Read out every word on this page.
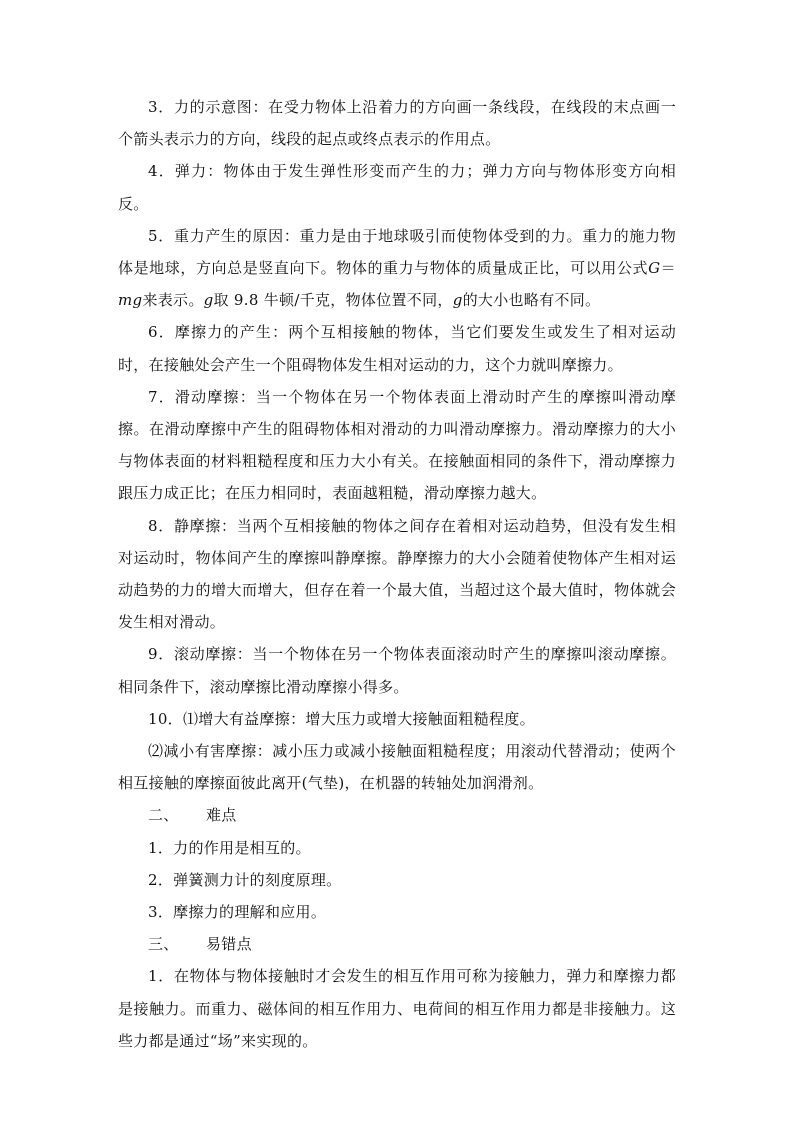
3．力的示意图：在受力物体上沿着力的方向画一条线段，在线段的末点画一个箭头表示力的方向，线段的起点或终点表示的作用点。

4．弹力：物体由于发生弹性形变而产生的力；弹力方向与物体形变方向相反。

5．重力产生的原因：重力是由于地球吸引而使物体受到的力。重力的施力物体是地球，方向总是竖直向下。物体的重力与物体的质量成正比，可以用公式G＝mg来表示。g取 9.8 牛顿/千克，物体位置不同，g的大小也略有不同。

6．摩擦力的产生：两个互相接触的物体，当它们要发生或发生了相对运动时，在接触处会产生一个阻碍物体发生相对运动的力，这个力就叫摩擦力。

7．滑动摩擦：当一个物体在另一个物体表面上滑动时产生的摩擦叫滑动摩擦。在滑动摩擦中产生的阻碍物体相对滑动的力叫滑动摩擦力。滑动摩擦力的大小与物体表面的材料粗糙程度和压力大小有关。在接触面相同的条件下，滑动摩擦力跟压力成正比；在压力相同时，表面越粗糙，滑动摩擦力越大。

8．静摩擦：当两个互相接触的物体之间存在着相对运动趋势，但没有发生相对运动时，物体间产生的摩擦叫静摩擦。静摩擦力的大小会随着使物体产生相对运动趋势的力的增大而增大，但存在着一个最大值，当超过这个最大值时，物体就会发生相对滑动。

9．滚动摩擦：当一个物体在另一个物体表面滚动时产生的摩擦叫滚动摩擦。相同条件下，滚动摩擦比滑动摩擦小得多。

10．⑴增大有益摩擦：增大压力或增大接触面粗糙程度。

⑵减小有害摩擦：减小压力或减小接触面粗糙程度；用滚动代替滑动；使两个相互接触的摩擦面彼此离开(气垫)，在机器的转轴处加润滑剂。

二、 难点

1．力的作用是相互的。

2．弹簧测力计的刻度原理。

3．摩擦力的理解和应用。

三、 易错点

1．在物体与物体接触时才会发生的相互作用可称为接触力，弹力和摩擦力都是接触力。而重力、磁体间的相互作用力、电荷间的相互作用力都是非接触力。这些力都是通过“场”来实现的。
